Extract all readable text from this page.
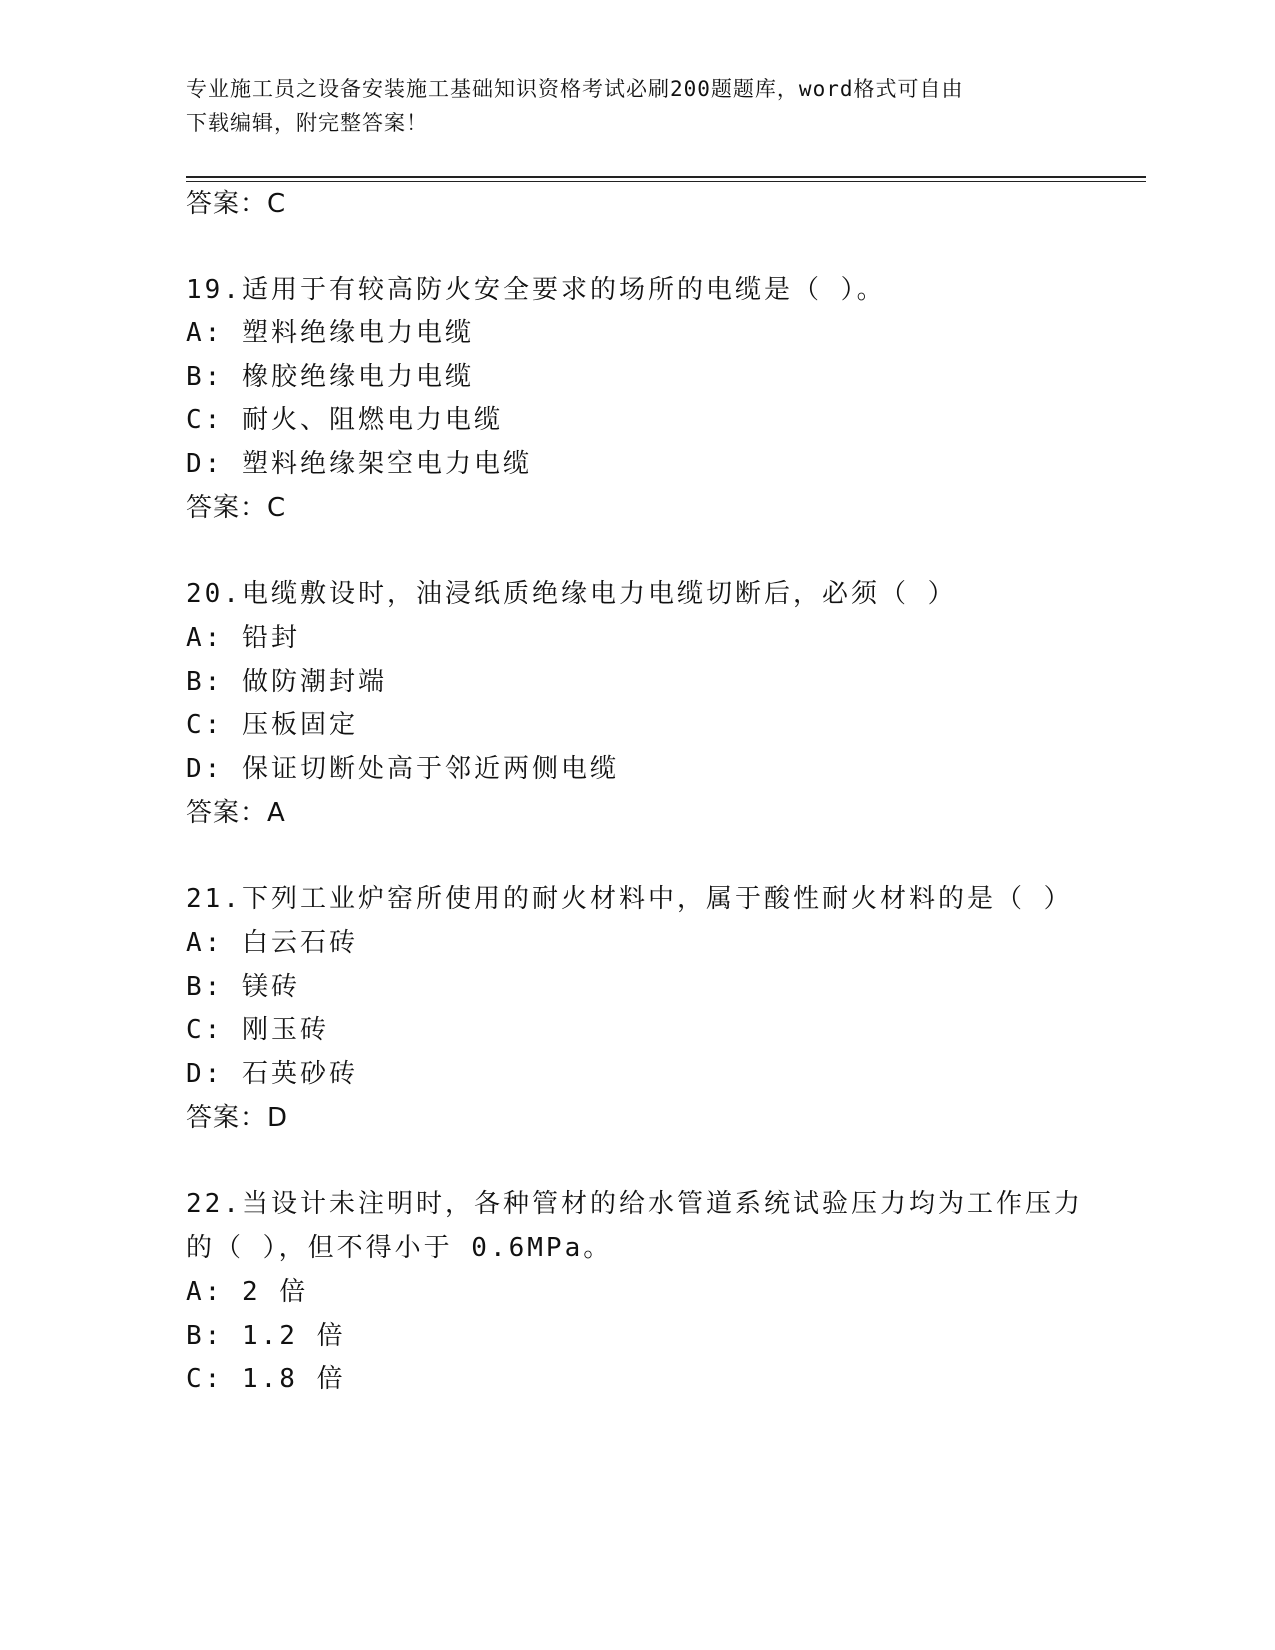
专业施工员之设备安装施工基础知识资格考试必刷200题题库，word格式可自由
下载编辑，附完整答案！
答案：C
19.适用于有较高防火安全要求的场所的电缆是（ ）。
A: 塑料绝缘电力电缆
B: 橡胶绝缘电力电缆
C: 耐火、阻燃电力电缆
D: 塑料绝缘架空电力电缆
答案：C
20.电缆敷设时，油浸纸质绝缘电力电缆切断后，必须（ ）
A: 铅封
B: 做防潮封端
C: 压板固定
D: 保证切断处高于邻近两侧电缆
答案：A
21.下列工业炉窑所使用的耐火材料中，属于酸性耐火材料的是（ ）
A: 白云石砖
B: 镁砖
C: 刚玉砖
D: 石英砂砖
答案：D
22.当设计未注明时，各种管材的给水管道系统试验压力均为工作压力
的（ ），但不得小于 0.6MPa。
A: 2 倍
B: 1.2 倍
C: 1.8 倍
